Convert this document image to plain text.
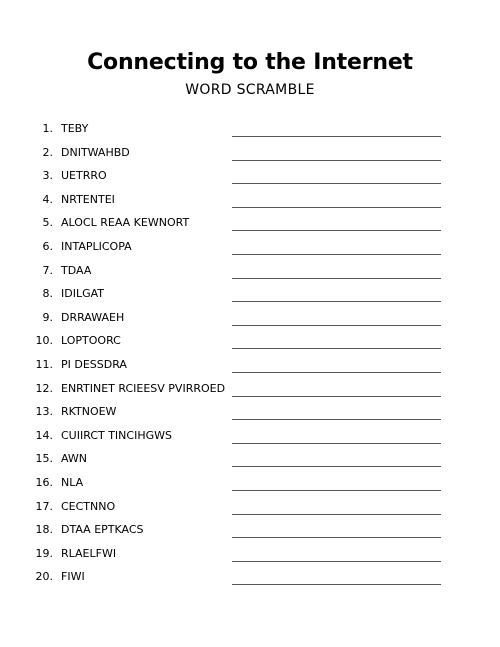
Connecting to the Internet
WORD SCRAMBLE
1. TEBY
2. DNITWAHBD
3. UETRRO
4. NRTENTEI
5. ALOCL REAA KEWNORT
6. INTAPLICOPA
7. TDAA
8. IDILGAT
9. DRRAWAEH
10. LOPTOORC
11. PI DESSDRA
12. ENRTINET RCIEESV PVIRROED
13. RKTNOEW
14. CUIIRCT TINCIHGWS
15. AWN
16. NLA
17. CECTNNO
18. DTAA EPTKACS
19. RLAELFWI
20. FIWI
